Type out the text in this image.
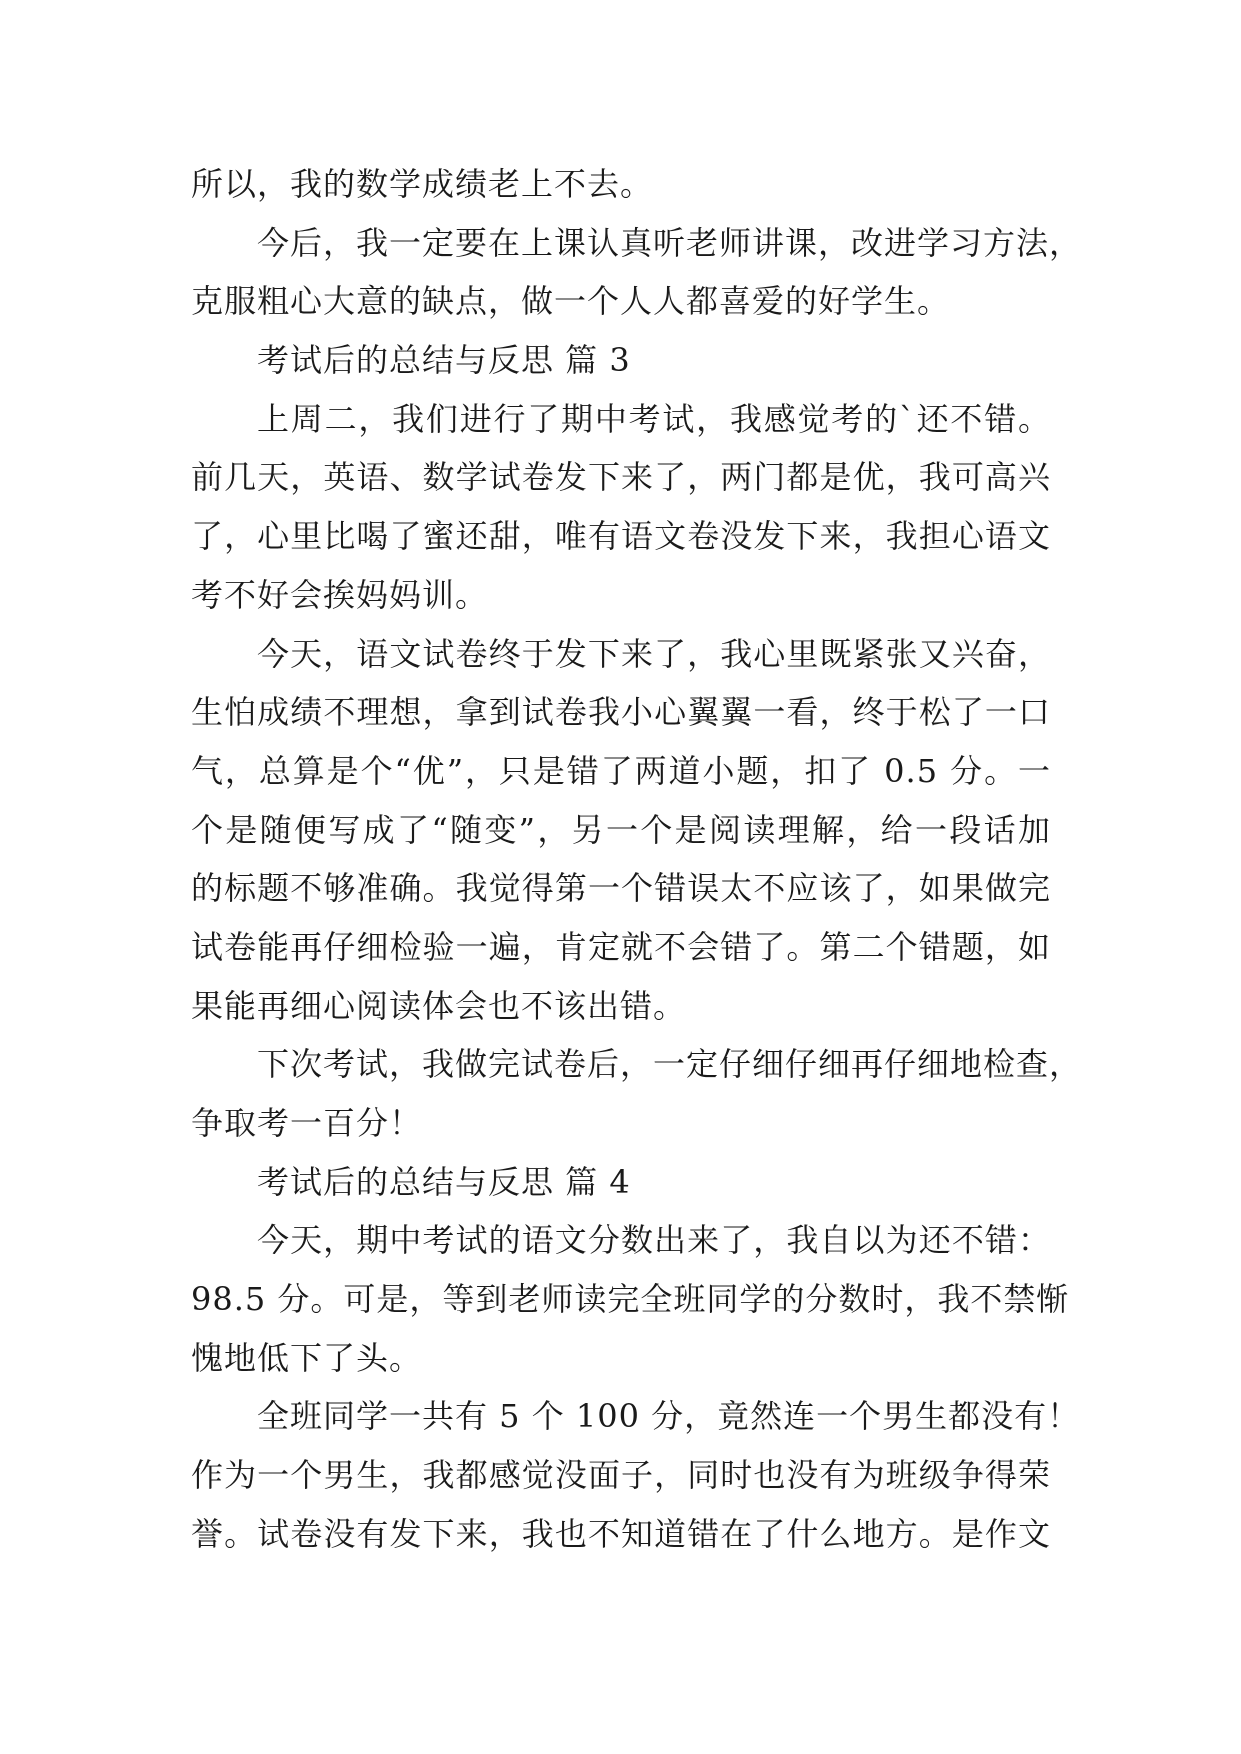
所以，我的数学成绩老上不去。
今后，我一定要在上课认真听老师讲课，改进学习方法，
克服粗心大意的缺点，做一个人人都喜爱的好学生。
考试后的总结与反思 篇 3
上周二，我们进行了期中考试，我感觉考的`还不错。
前几天，英语、数学试卷发下来了，两门都是优，我可高兴
了，心里比喝了蜜还甜，唯有语文卷没发下来，我担心语文
考不好会挨妈妈训。
今天，语文试卷终于发下来了，我心里既紧张又兴奋，
生怕成绩不理想，拿到试卷我小心翼翼一看，终于松了一口
气，总算是个“优”，只是错了两道小题，扣了 0.5 分。一
个是随便写成了“随变”，另一个是阅读理解，给一段话加
的标题不够准确。我觉得第一个错误太不应该了，如果做完
试卷能再仔细检验一遍，肯定就不会错了。第二个错题，如
果能再细心阅读体会也不该出错。
下次考试，我做完试卷后，一定仔细仔细再仔细地检查，
争取考一百分！
考试后的总结与反思 篇 4
今天，期中考试的语文分数出来了，我自以为还不错：
98.5 分。可是，等到老师读完全班同学的分数时，我不禁惭
愧地低下了头。
全班同学一共有 5 个 100 分，竟然连一个男生都没有！
作为一个男生，我都感觉没面子，同时也没有为班级争得荣
誉。试卷没有发下来，我也不知道错在了什么地方。是作文
